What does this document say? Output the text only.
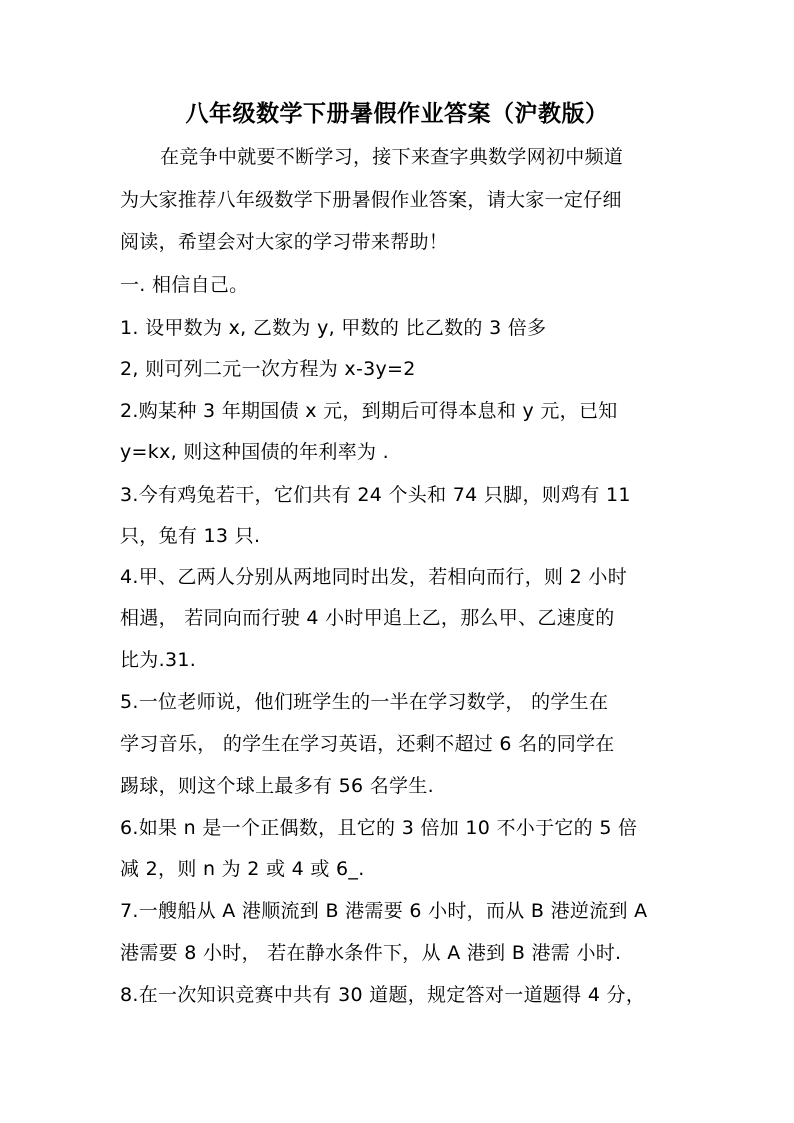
八年级数学下册暑假作业答案（沪教版）
在竞争中就要不断学习，接下来查字典数学网初中频道
为大家推荐八年级数学下册暑假作业答案，请大家一定仔细
阅读，希望会对大家的学习带来帮助！
一. 相信自己。
1. 设甲数为 x, 乙数为 y, 甲数的 比乙数的 3 倍多
2, 则可列二元一次方程为 x-3y=2
2.购某种 3 年期国债 x 元，到期后可得本息和 y 元，已知
y=kx, 则这种国债的年利率为 .
3.今有鸡兔若干，它们共有 24 个头和 74 只脚，则鸡有 11
只，兔有 13 只.
4.甲、乙两人分别从两地同时出发，若相向而行，则 2 小时
相遇， 若同向而行驶 4 小时甲追上乙，那么甲、乙速度的
比为.31.
5.一位老师说，他们班学生的一半在学习数学， 的学生在
学习音乐， 的学生在学习英语，还剩不超过 6 名的同学在
踢球，则这个球上最多有 56 名学生.
6.如果 n 是一个正偶数，且它的 3 倍加 10 不小于它的 5 倍
减 2，则 n 为 2 或 4 或 6_.
7.一艘船从 A 港顺流到 B 港需要 6 小时，而从 B 港逆流到 A
港需要 8 小时， 若在静水条件下，从 A 港到 B 港需 小时.
8.在一次知识竞赛中共有 30 道题，规定答对一道题得 4 分，
